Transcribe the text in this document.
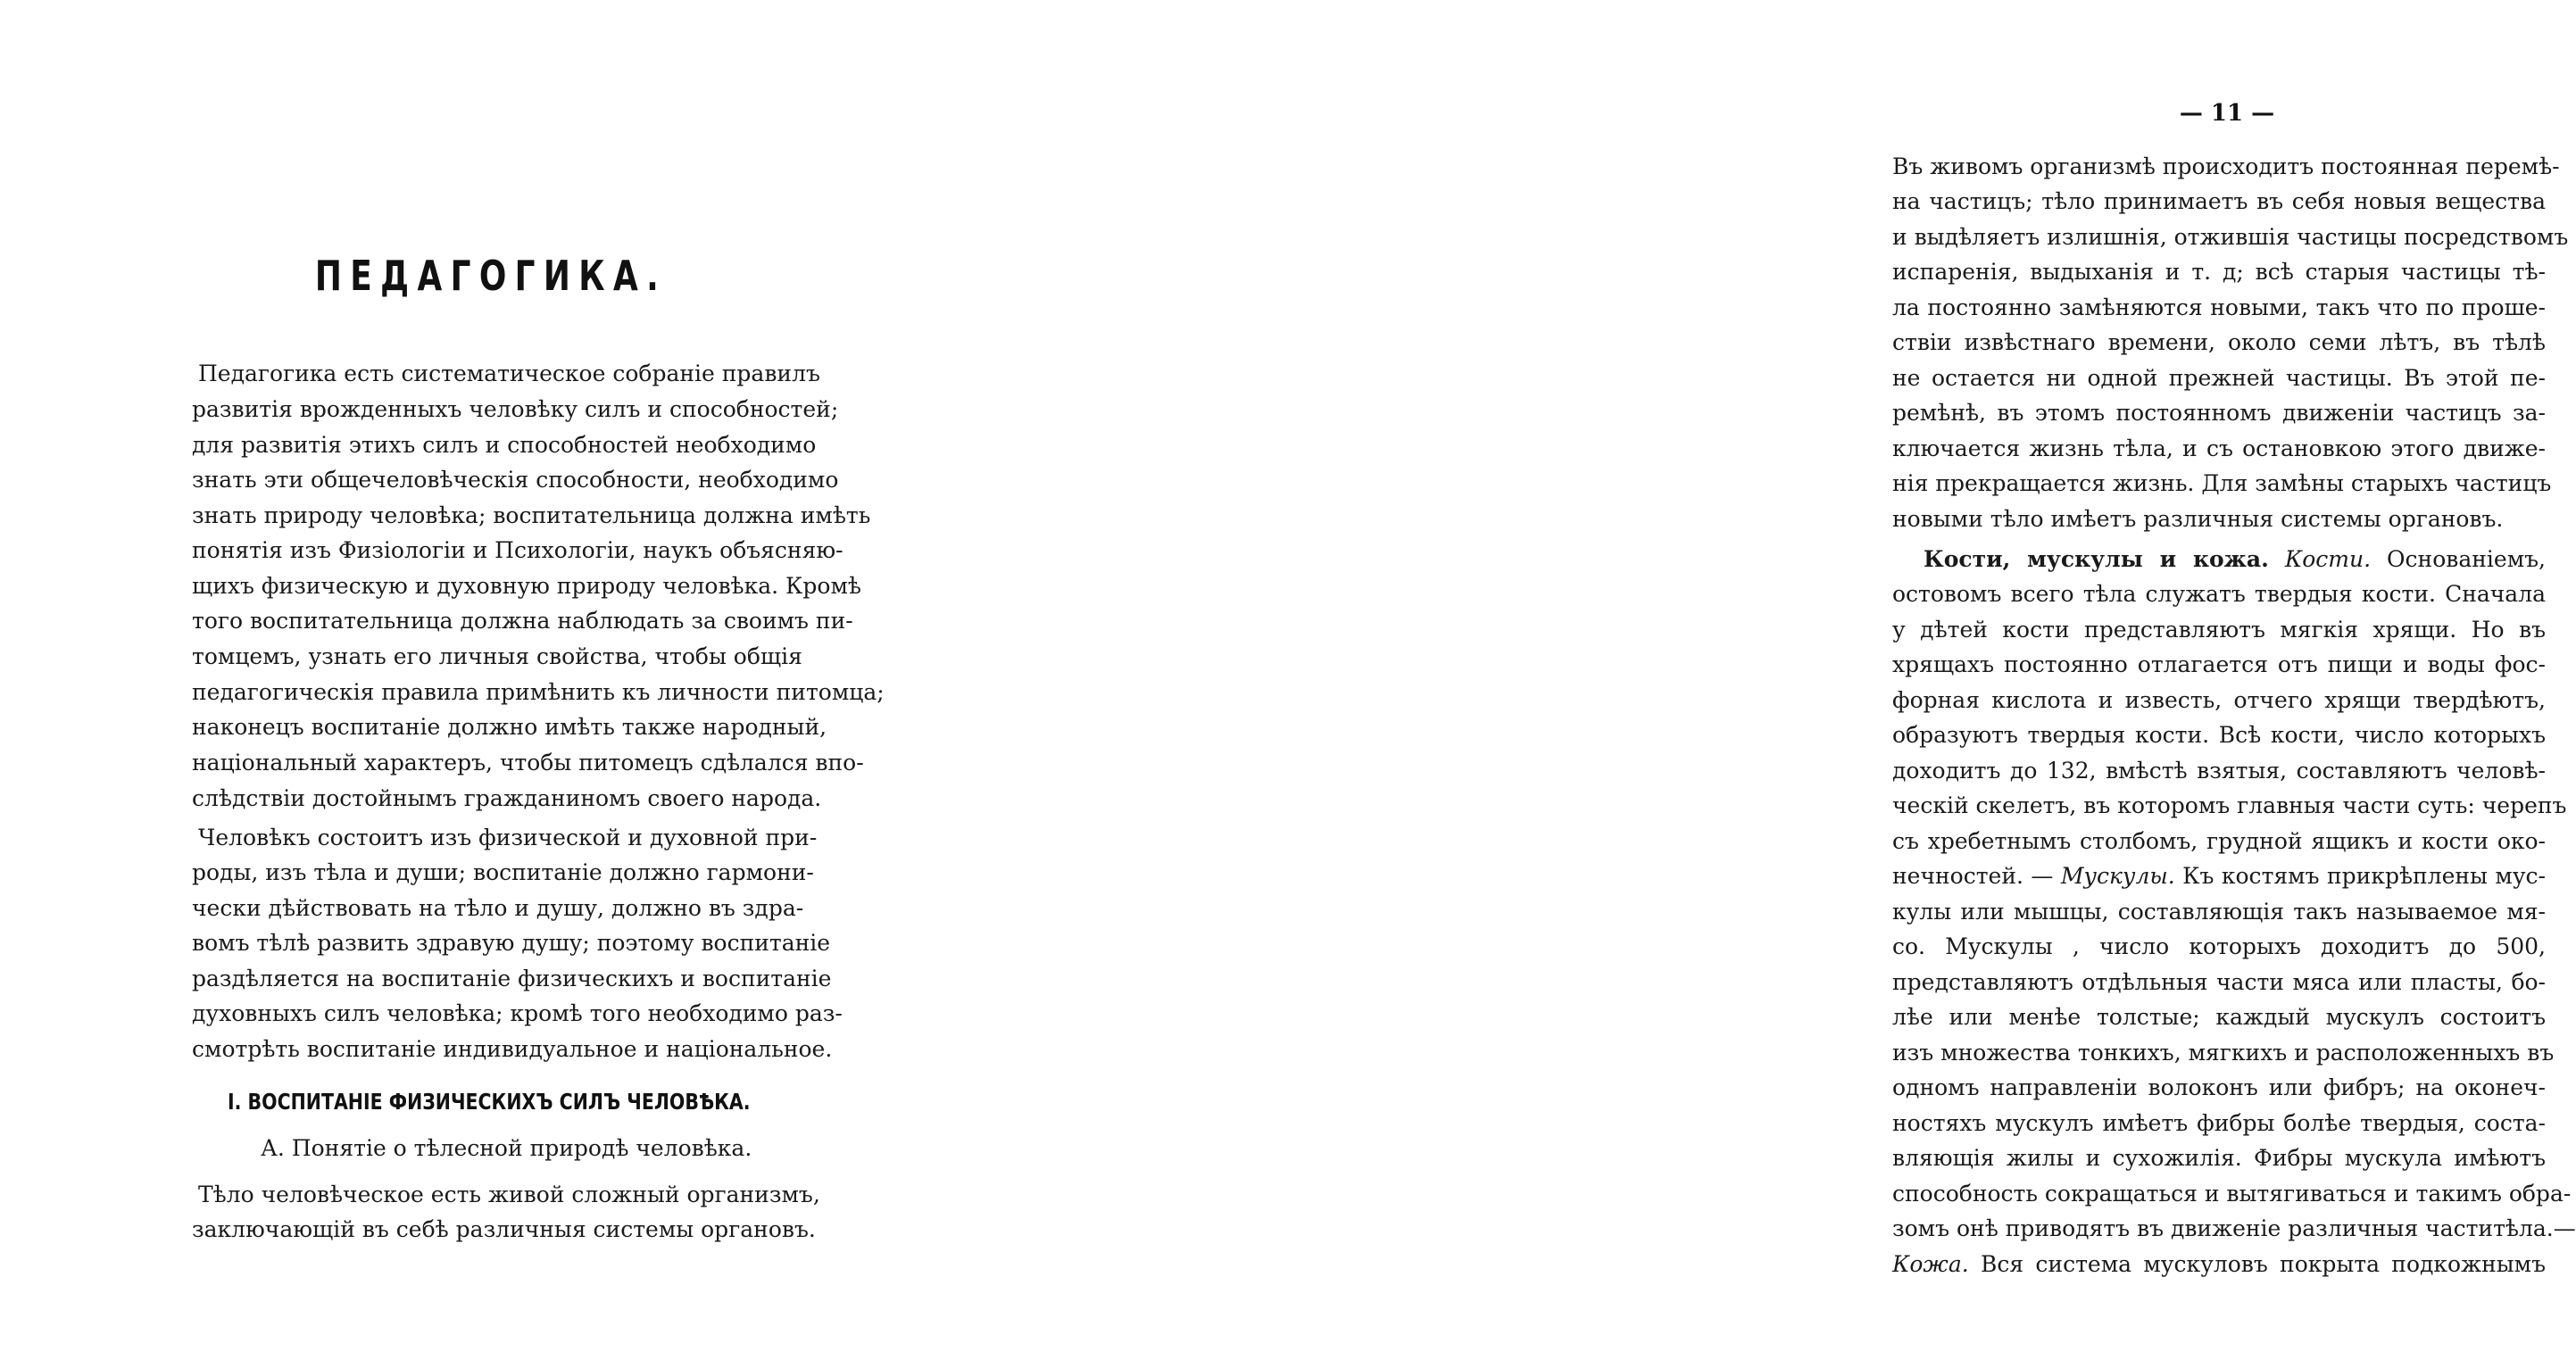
ПЕДАГОГИКА.
Педагогика есть систематическое собраніе правилъ
развитія врожденныхъ человѣку силъ и способностей;
для развитія этихъ силъ и способностей необходимо
знать эти общечеловѣческія способности, необходимо
знать природу человѣка; воспитательница должна имѣть
понятія изъ Физіологіи и Психологіи, наукъ объясняю-
щихъ физическую и духовную природу человѣка. Кромѣ
того воспитательница должна наблюдать за своимъ пи-
томцемъ, узнать его личныя свойства, чтобы общія
педагогическія правила примѣнить къ личности питомца;
наконецъ воспитаніе должно имѣть также народный,
національный характеръ, чтобы питомецъ сдѣлался впо-
слѣдствіи достойнымъ гражданиномъ своего народа.
Человѣкъ состоитъ изъ физической и духовной при-
роды, изъ тѣла и души; воспитаніе должно гармони-
чески дѣйствовать на тѣло и душу, должно въ здра-
вомъ тѣлѣ развить здравую душу; поэтому воспитаніе
раздѣляется на воспитаніе физическихъ и воспитаніе
духовныхъ силъ человѣка; кромѣ того необходимо раз-
смотрѣть воспитаніе индивидуальное и національное.
I. ВОСПИТАНІЕ ФИЗИЧЕСКИХЪ СИЛЪ ЧЕЛОВѢКА.
А. Понятіе о тѣлесной природѣ человѣка.
Тѣло человѣческое есть живой сложный организмъ,
заключающій въ себѣ различныя системы органовъ.
— 11 —
Въ живомъ организмѣ происходитъ постоянная перемѣ-
на частицъ; тѣло принимаетъ въ себя новыя вещества
и выдѣляетъ излишнія, отжившія частицы посредствомъ
испаренія, выдыханія и т. д; всѣ старыя частицы тѣ-
ла постоянно замѣняются новыми, такъ что по проше-
ствіи извѣстнаго времени, около семи лѣтъ, въ тѣлѣ
не остается ни одной прежней частицы. Въ этой пе-
ремѣнѣ, въ этомъ постоянномъ движеніи частицъ за-
ключается жизнь тѣла, и съ остановкою этого движе-
нія прекращается жизнь. Для замѣны старыхъ частицъ
новыми тѣло имѣетъ различныя системы органовъ.
Кости, мускулы и кожа. Кости. Основаніемъ,
остовомъ всего тѣла служатъ твердыя кости. Сначала
у дѣтей кости представляютъ мягкія хрящи. Но въ
хрящахъ постоянно отлагается отъ пищи и воды фос-
форная кислота и известь, отчего хрящи твердѣютъ,
образуютъ твердыя кости. Всѣ кости, число которыхъ
доходитъ до 132, вмѣстѣ взятыя, составляютъ человѣ-
ческій скелетъ, въ которомъ главныя части суть: черепъ
съ хребетнымъ столбомъ, грудной ящикъ и кости око-
нечностей. — Мускулы. Къ костямъ прикрѣплены мус-
кулы или мышцы, составляющія такъ называемое мя-
со. Мускулы , число которыхъ доходитъ до 500,
представляютъ отдѣльныя части мяса или пласты, бо-
лѣе или менѣе толстые; каждый мускулъ состоитъ
изъ множества тонкихъ, мягкихъ и расположенныхъ въ
одномъ направленіи волоконъ или фибръ; на оконеч-
ностяхъ мускулъ имѣетъ фибры болѣе твердыя, соста-
вляющія жилы и сухожилія. Фибры мускула имѣютъ
способность сокращаться и вытягиваться и такимъ обра-
зомъ онѣ приводятъ въ движеніе различныя частитѣла.—
Кожа. Вся система мускуловъ покрыта подкожнымъ
